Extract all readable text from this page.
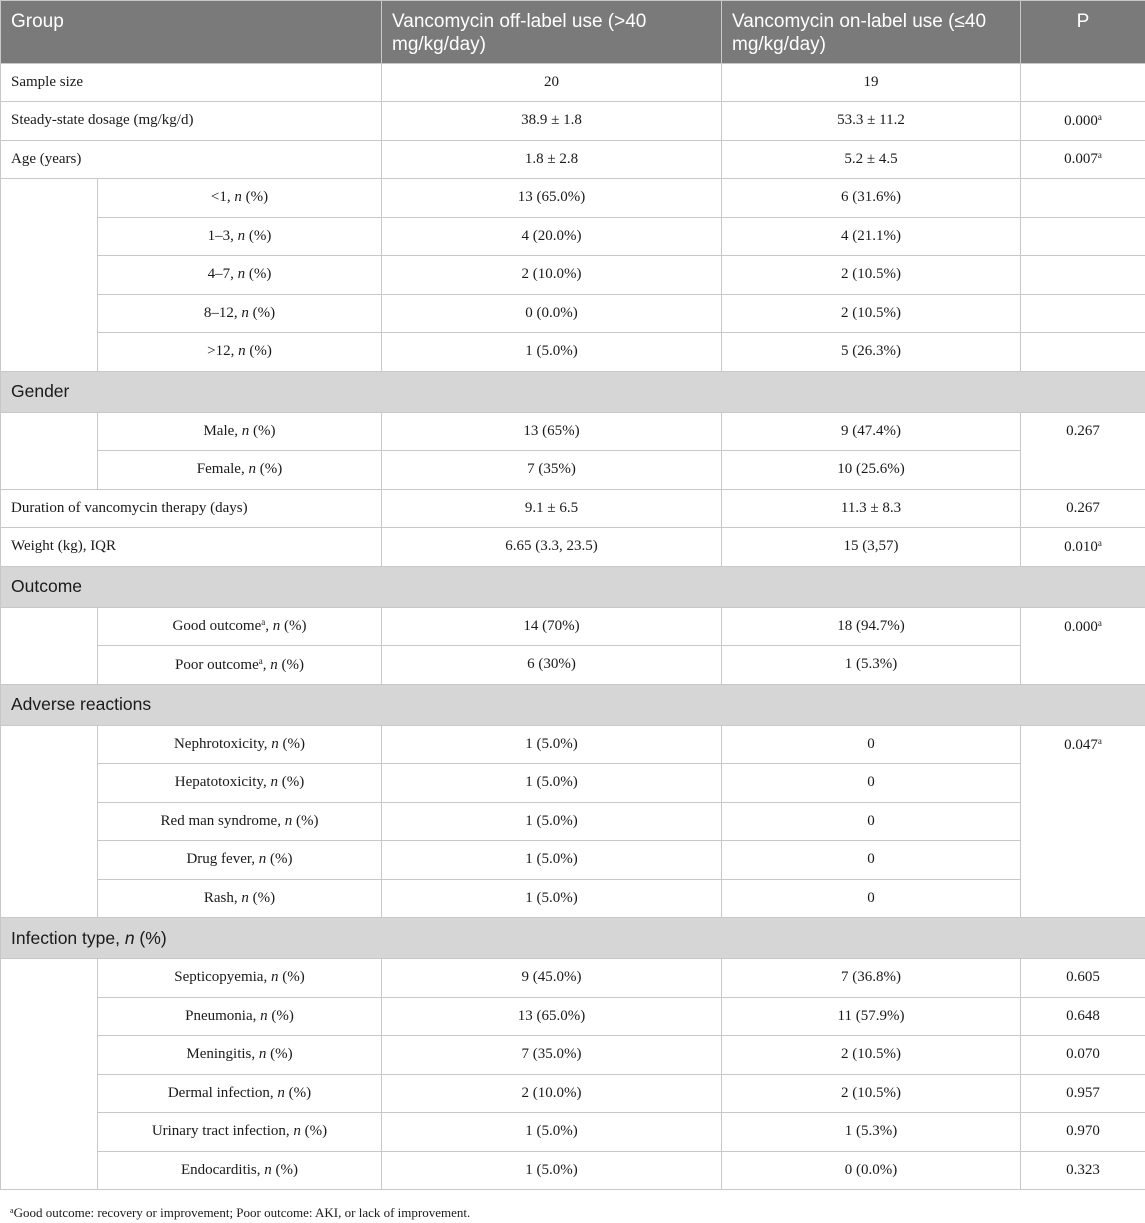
Group		Vancomycin off-label use (>40 mg/kg/day)	Vancomycin on-label use (≤40 mg/kg/day)	P
Sample size		20	19	
Steady-state dosage (mg/kg/d)		38.9 ± 1.8	53.3 ± 11.2	0.000$^a$
Age (years)		1.8 ± 2.8	5.2 ± 4.5	0.007$^a$
	<1, n (%)	13 (65.0%)	6 (31.6%)	
	1–3, n (%)	4 (20.0%)	4 (21.1%)	
	4–7, n (%)	2 (10.0%)	2 (10.5%)	
	8–12, n (%)	0 (0.0%)	2 (10.5%)	
	>12, n (%)	1 (5.0%)	5 (26.3%)	
Gender				
	Male, n (%)	13 (65%)	9 (47.4%)	0.267
	Female, n (%)	7 (35%)	10 (25.6%)	
Duration of vancomycin therapy (days)		9.1 ± 6.5	11.3 ± 8.3	0.267
Weight (kg), IQR		6.65 (3.3, 23.5)	15 (3,57)	0.010$^a$
Outcome				
	Good outcome$^a$, n (%)	14 (70%)	18 (94.7%)	0.000$^a$
	Poor outcome$^a$, n (%)	6 (30%)	1 (5.3%)	
Adverse reactions				
	Nephrotoxicity, n (%)	1 (5.0%)	0	0.047$^a$
	Hepatotoxicity, n (%)	1 (5.0%)	0	
	Red man syndrome, n (%)	1 (5.0%)	0	
	Drug fever, n (%)	1 (5.0%)	0	
	Rash, n (%)	1 (5.0%)	0	
Infection type, n (%)				
	Septicopyemia, n (%)	9 (45.0%)	7 (36.8%)	0.605
	Pneumonia, n (%)	13 (65.0%)	11 (57.9%)	0.648
	Meningitis, n (%)	7 (35.0%)	2 (10.5%)	0.070
	Dermal infection, n (%)	2 (10.0%)	2 (10.5%)	0.957
	Urinary tract infection, n (%)	1 (5.0%)	1 (5.3%)	0.970
	Endocarditis, n (%)	1 (5.0%)	0 (0.0%)	0.323
$^a$Good outcome: recovery or improvement; Poor outcome: AKI, or lack of improvement.
